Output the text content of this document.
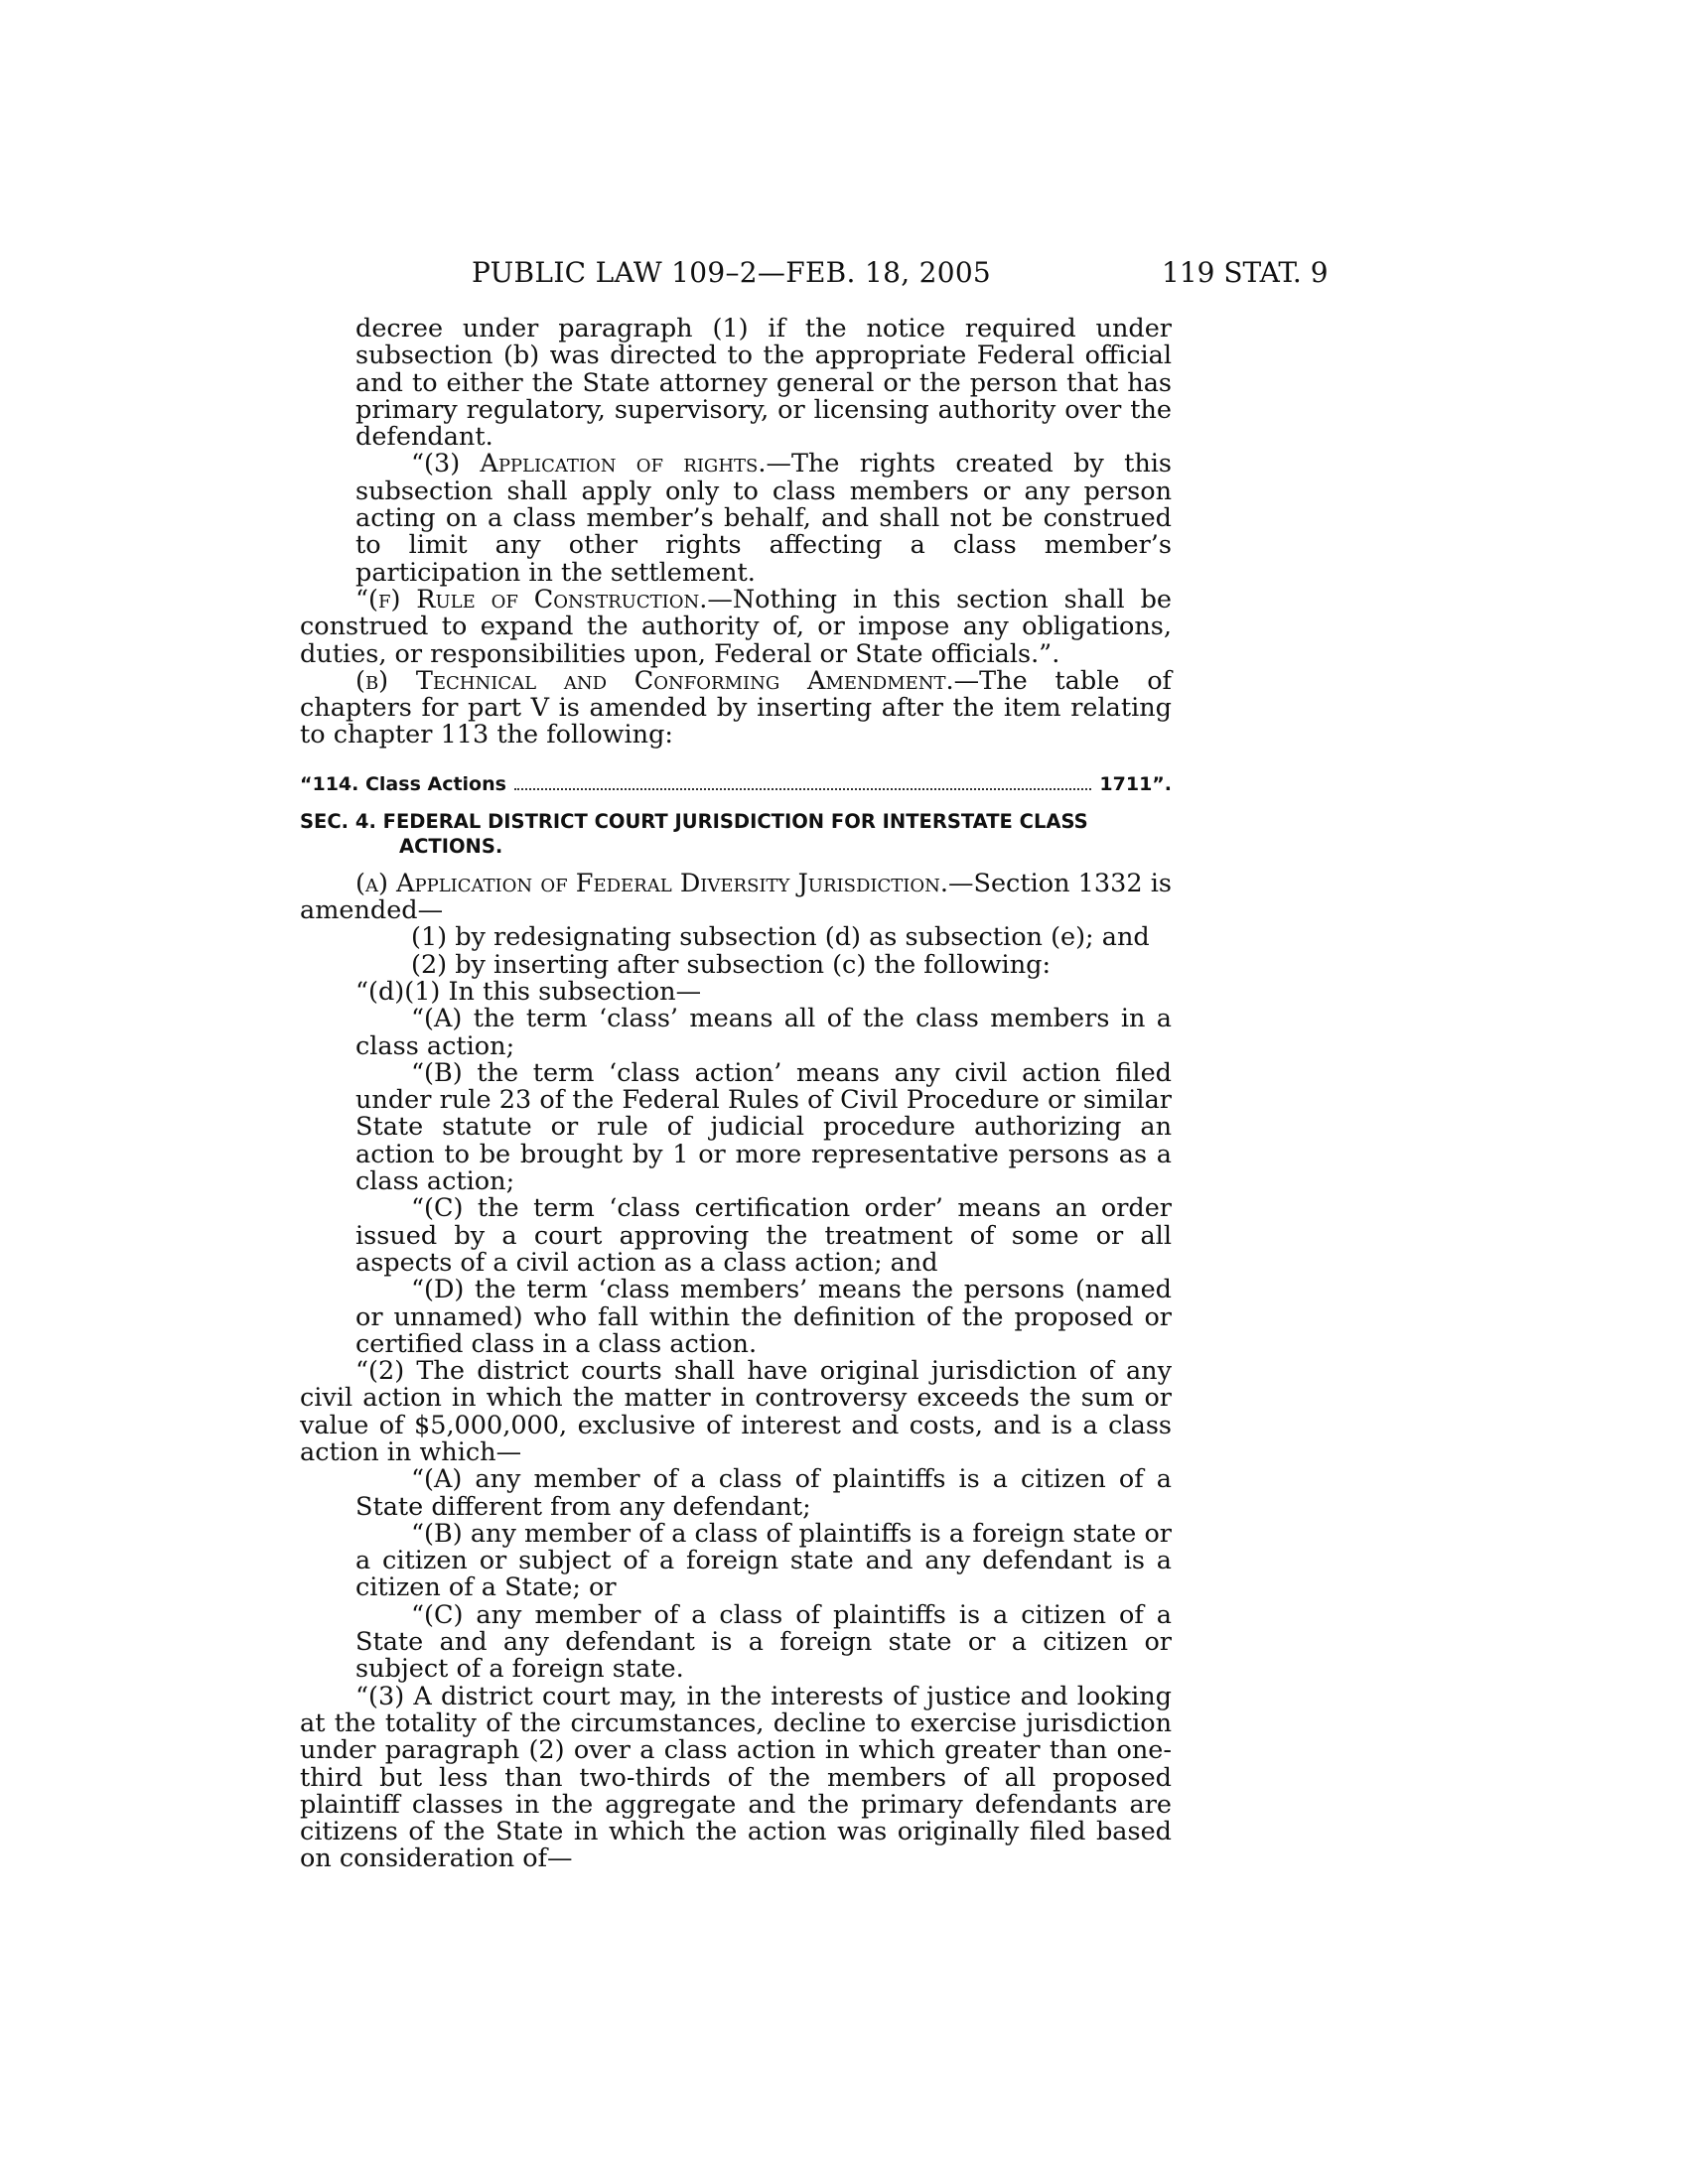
PUBLIC LAW 109–2—FEB. 18, 2005	119 STAT. 9

decree under paragraph (1) if the notice required under subsection (b) was directed to the appropriate Federal official and to either the State attorney general or the person that has primary regulatory, supervisory, or licensing authority over the defendant.

“(3) Application of rights.—The rights created by this subsection shall apply only to class members or any person acting on a class member’s behalf, and shall not be construed to limit any other rights affecting a class member’s participation in the settlement.

“(f) Rule of Construction.—Nothing in this section shall be construed to expand the authority of, or impose any obligations, duties, or responsibilities upon, Federal or State officials.”.

(b) Technical and Conforming Amendment.—The table of chapters for part V is amended by inserting after the item relating to chapter 113 the following:

“114. Class Actions	1711”.
SEC. 4. FEDERAL DISTRICT COURT JURISDICTION FOR INTERSTATE CLASS ACTIONS.

(a) Application of Federal Diversity Jurisdiction.—Section 1332 is amended—

(1) by redesignating subsection (d) as subsection (e); and

(2) by inserting after subsection (c) the following:

“(d)(1) In this subsection—

“(A) the term ‘class’ means all of the class members in a class action;

“(B) the term ‘class action’ means any civil action filed under rule 23 of the Federal Rules of Civil Procedure or similar State statute or rule of judicial procedure authorizing an action to be brought by 1 or more representative persons as a class action;

“(C) the term ‘class certification order’ means an order issued by a court approving the treatment of some or all aspects of a civil action as a class action; and

“(D) the term ‘class members’ means the persons (named or unnamed) who fall within the definition of the proposed or certified class in a class action.

“(2) The district courts shall have original jurisdiction of any civil action in which the matter in controversy exceeds the sum or value of $5,000,000, exclusive of interest and costs, and is a class action in which—

“(A) any member of a class of plaintiffs is a citizen of a State different from any defendant;

“(B) any member of a class of plaintiffs is a foreign state or a citizen or subject of a foreign state and any defendant is a citizen of a State; or

“(C) any member of a class of plaintiffs is a citizen of a State and any defendant is a foreign state or a citizen or subject of a foreign state.

“(3) A district court may, in the interests of justice and looking at the totality of the circumstances, decline to exercise jurisdiction under paragraph (2) over a class action in which greater than one-third but less than two-thirds of the members of all proposed plaintiff classes in the aggregate and the primary defendants are citizens of the State in which the action was originally filed based on consideration of—
